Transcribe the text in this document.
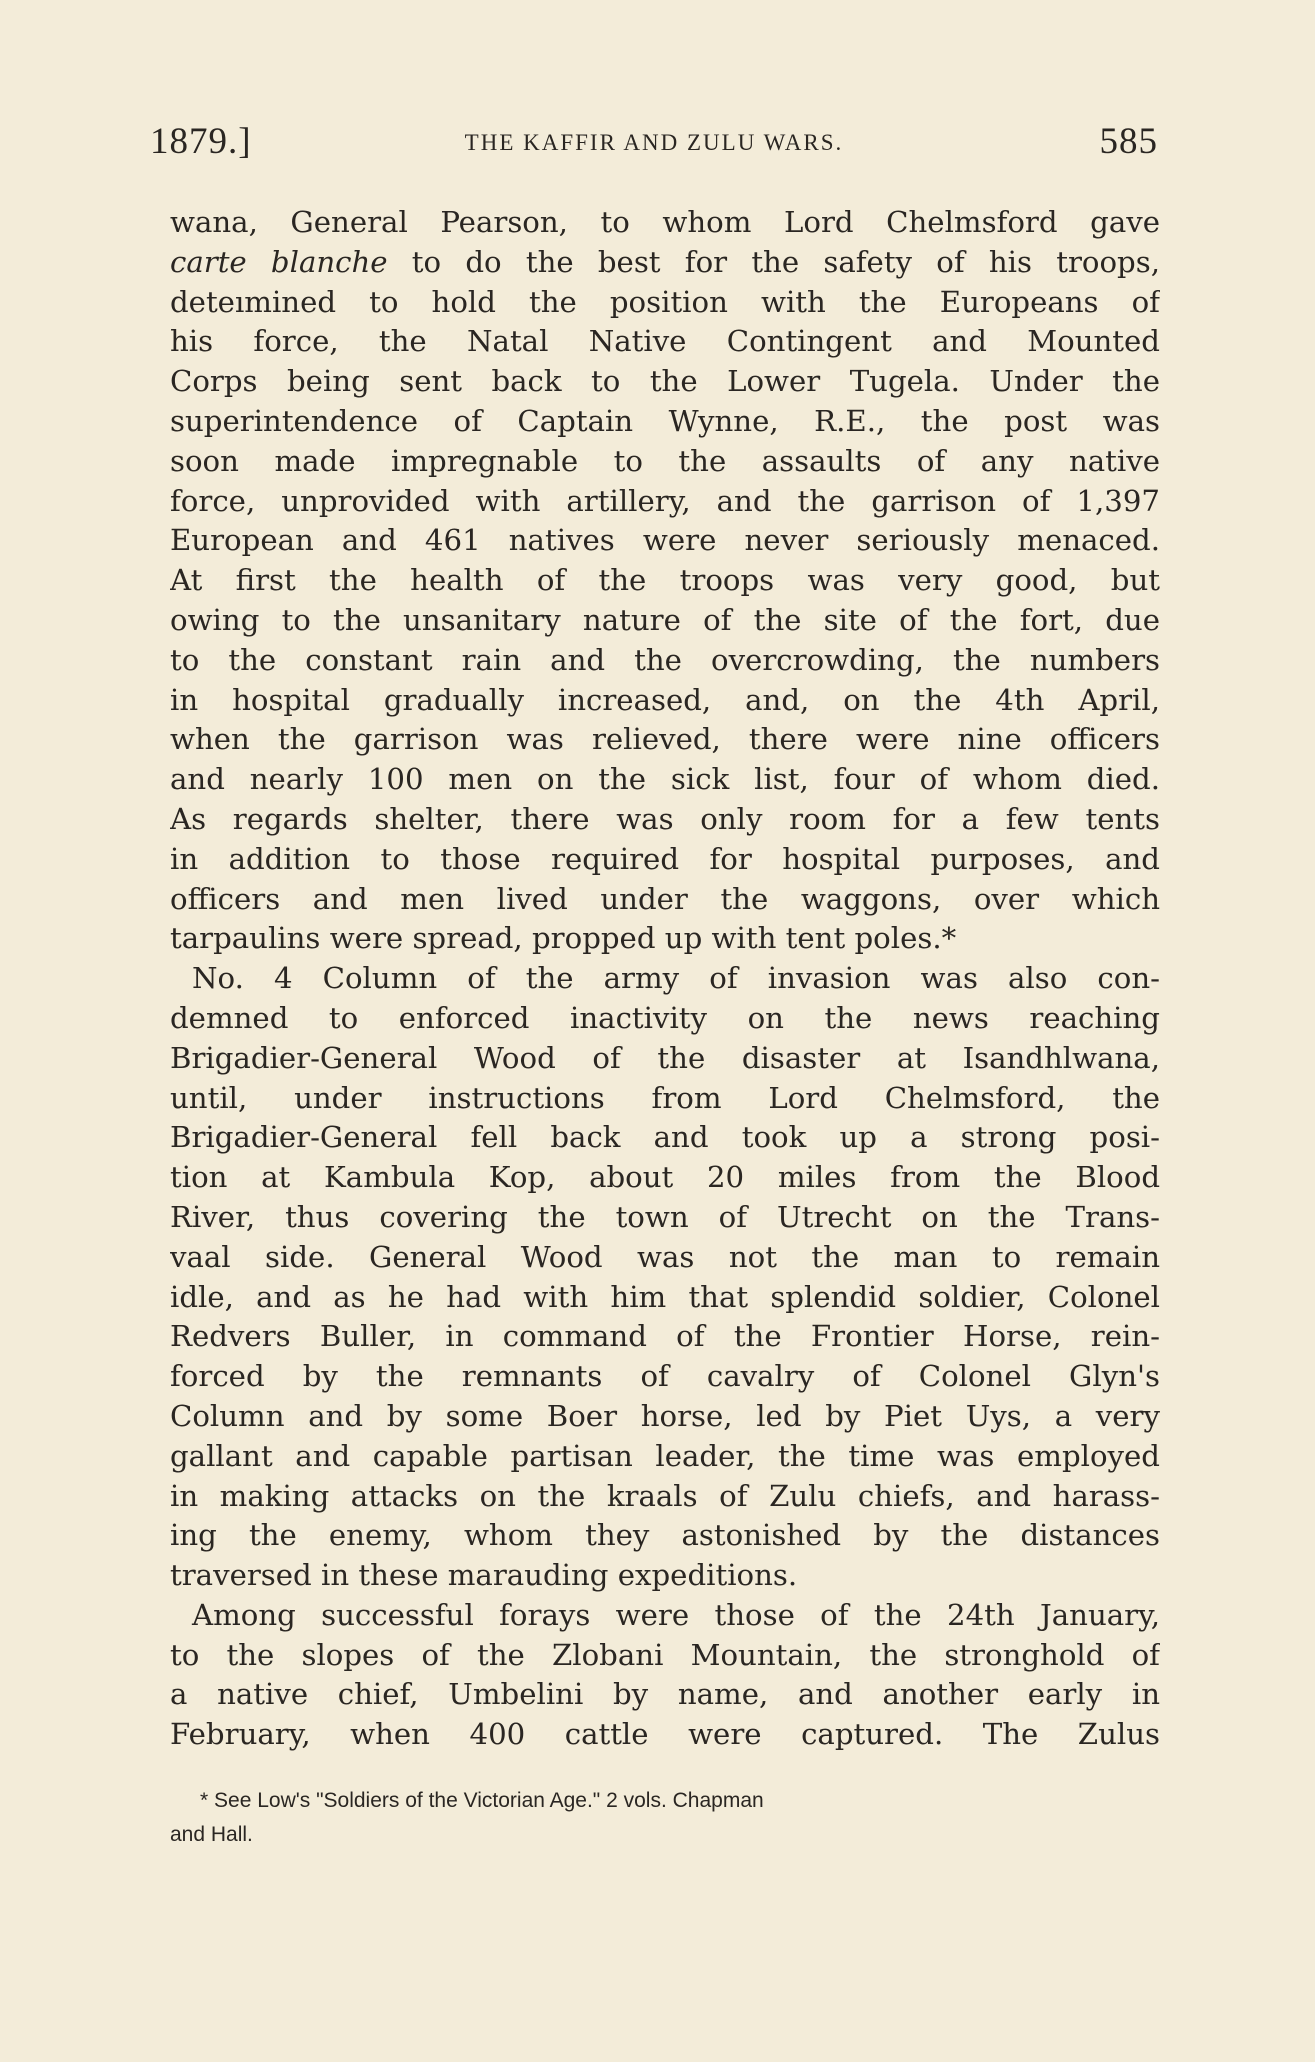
1879.]	THE KAFFIR AND ZULU WARS.	585
wana, General Pearson, to whom Lord Chelmsford gave
carte blanche to do the best for the safety of his troops,
deteımined to hold the position with the Europeans of
his force, the Natal Native Contingent and Mounted
Corps being sent back to the Lower Tugela. Under the
superintendence of Captain Wynne, R.E., the post was
soon made impregnable to the assaults of any native
force, unprovided with artillery, and the garrison of 1,397
European and 461 natives were never seriously menaced.
At first the health of the troops was very good, but
owing to the unsanitary nature of the site of the fort, due
to the constant rain and the overcrowding, the numbers
in hospital gradually increased, and, on the 4th April,
when the garrison was relieved, there were nine officers
and nearly 100 men on the sick list, four of whom died.
As regards shelter, there was only room for a few tents
in addition to those required for hospital purposes, and
officers and men lived under the waggons, over which
tarpaulins were spread, propped up with tent poles.*
No. 4 Column of the army of invasion was also con-
demned to enforced inactivity on the news reaching
Brigadier-General Wood of the disaster at Isandhlwana,
until, under instructions from Lord Chelmsford, the
Brigadier-General fell back and took up a strong posi-
tion at Kambula Kop, about 20 miles from the Blood
River, thus covering the town of Utrecht on the Trans-
vaal side. General Wood was not the man to remain
idle, and as he had with him that splendid soldier, Colonel
Redvers Buller, in command of the Frontier Horse, rein-
forced by the remnants of cavalry of Colonel Glyn's
Column and by some Boer horse, led by Piet Uys, a very
gallant and capable partisan leader, the time was employed
in making attacks on the kraals of Zulu chiefs, and harass-
ing the enemy, whom they astonished by the distances
traversed in these marauding expeditions.
Among successful forays were those of the 24th January,
to the slopes of the Zlobani Mountain, the stronghold of
a native chief, Umbelini by name, and another early in
February, when 400 cattle were captured. The Zulus
* See Low's "Soldiers of the Victorian Age." 2 vols. Chapman
and Hall.
